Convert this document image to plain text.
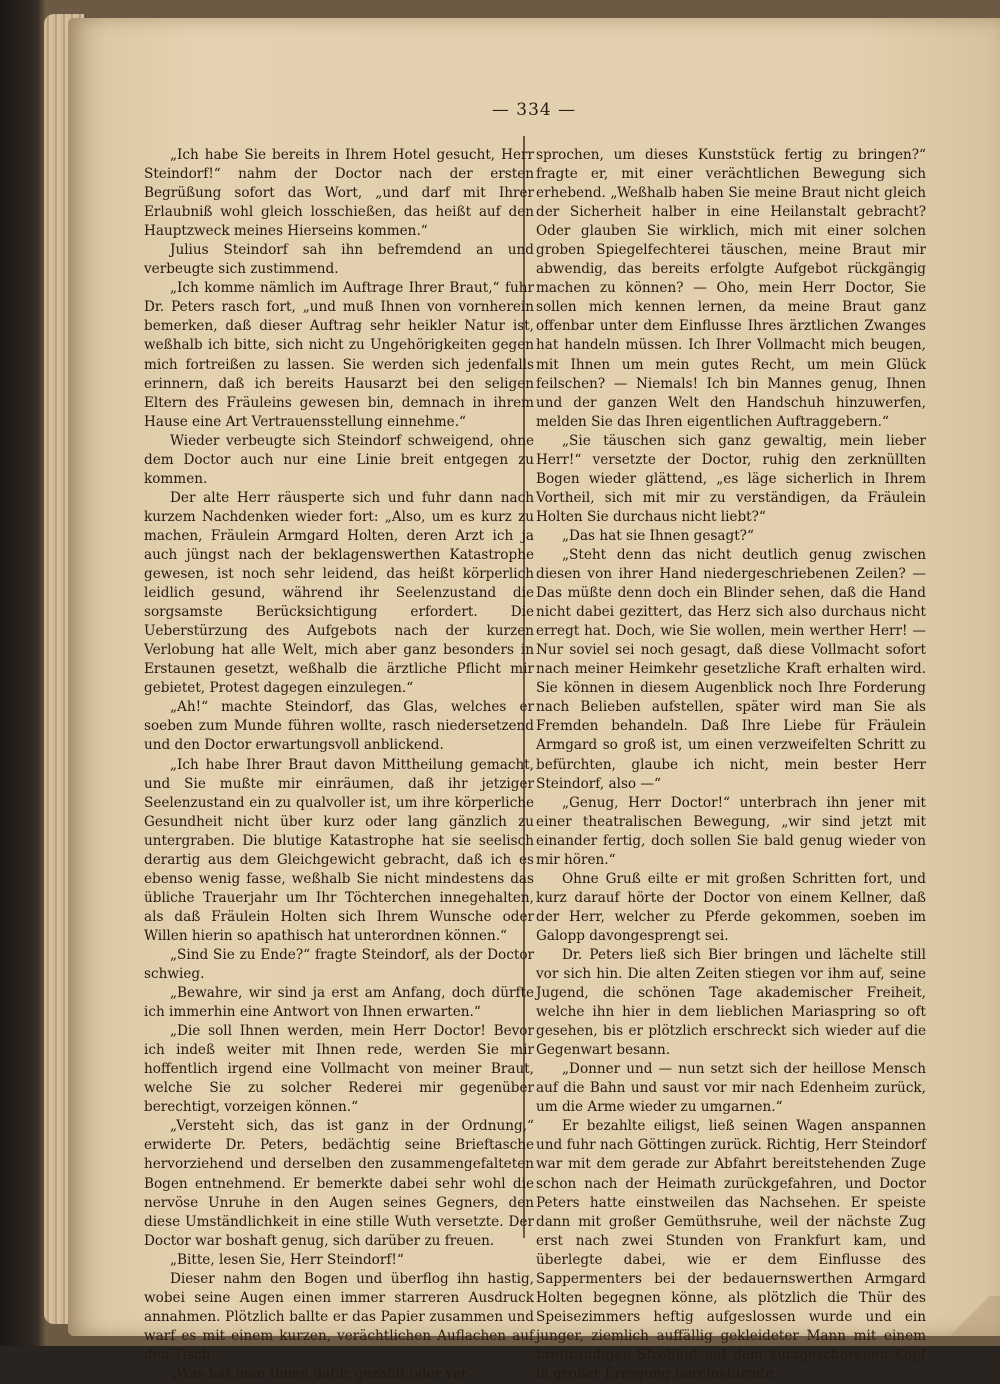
— 334 —

„Ich habe Sie bereits in Ihrem Hotel gesucht, Herr Steindorf!“ nahm der Doctor nach der ersten Begrüßung sofort das Wort, „und darf mit Ihrer Erlaubniß wohl gleich losschießen, das heißt auf den Hauptzweck meines Hierseins kommen.“

Julius Steindorf sah ihn befremdend an und verbeugte sich zustimmend.

„Ich komme nämlich im Auftrage Ihrer Braut,“ fuhr Dr. Peters rasch fort, „und muß Ihnen von vornherein bemerken, daß dieser Auftrag sehr heikler Natur ist, weßhalb ich bitte, sich nicht zu Ungehörigkeiten gegen mich fortreißen zu lassen. Sie werden sich jedenfalls erinnern, daß ich bereits Hausarzt bei den seligen Eltern des Fräuleins gewesen bin, demnach in ihrem Hause eine Art Vertrauensstellung einnehme.“

Wieder verbeugte sich Steindorf schweigend, ohne dem Doctor auch nur eine Linie breit entgegen zu kommen.

Der alte Herr räusperte sich und fuhr dann nach kurzem Nachdenken wieder fort: „Also, um es kurz zu machen, Fräulein Armgard Holten, deren Arzt ich ja auch jüngst nach der beklagenswerthen Katastrophe gewesen, ist noch sehr leidend, das heißt körperlich leidlich gesund, während ihr Seelenzustand die sorgsamste Berücksichtigung erfordert. Die Ueberstürzung des Aufgebots nach der kurzen Verlobung hat alle Welt, mich aber ganz besonders in Erstaunen gesetzt, weßhalb die ärztliche Pflicht mir gebietet, Protest dagegen einzulegen.“

„Ah!“ machte Steindorf, das Glas, welches er soeben zum Munde führen wollte, rasch niedersetzend und den Doctor erwartungsvoll anblickend.

„Ich habe Ihrer Braut davon Mittheilung gemacht, und Sie mußte mir einräumen, daß ihr jetziger Seelenzustand ein zu qualvoller ist, um ihre körperliche Gesundheit nicht über kurz oder lang gänzlich zu untergraben. Die blutige Katastrophe hat sie seelisch derartig aus dem Gleichgewicht gebracht, daß ich es ebenso wenig fasse, weßhalb Sie nicht mindestens das übliche Trauerjahr um Ihr Töchterchen innegehalten, als daß Fräulein Holten sich Ihrem Wunsche oder Willen hierin so apathisch hat unterordnen können.“

„Sind Sie zu Ende?“ fragte Steindorf, als der Doctor schwieg.

„Bewahre, wir sind ja erst am Anfang, doch dürfte ich immerhin eine Antwort von Ihnen erwarten.“

„Die soll Ihnen werden, mein Herr Doctor! Bevor ich indeß weiter mit Ihnen rede, werden Sie mir hoffentlich irgend eine Vollmacht von meiner Braut, welche Sie zu solcher Rederei mir gegenüber berechtigt, vorzeigen können.“

„Versteht sich, das ist ganz in der Ordnung,“ erwiderte Dr. Peters, bedächtig seine Brieftasche hervorziehend und derselben den zusammengefalteten Bogen entnehmend. Er bemerkte dabei sehr wohl die nervöse Unruhe in den Augen seines Gegners, den diese Umständlichkeit in eine stille Wuth versetzte. Der Doctor war boshaft genug, sich darüber zu freuen.

„Bitte, lesen Sie, Herr Steindorf!“

Dieser nahm den Bogen und überflog ihn hastig, wobei seine Augen einen immer starreren Ausdruck annahmen. Plötzlich ballte er das Papier zusammen und warf es mit einem kurzen, verächtlichen Auflachen auf den Tisch.

„Was hat man Ihnen dafür gezahlt oder ver-

sprochen, um dieses Kunststück fertig zu bringen?“ fragte er, mit einer verächtlichen Bewegung sich erhebend. „Weßhalb haben Sie meine Braut nicht gleich der Sicherheit halber in eine Heilanstalt gebracht? Oder glauben Sie wirklich, mich mit einer solchen groben Spiegelfechterei täuschen, meine Braut mir abwendig, das bereits erfolgte Aufgebot rückgängig machen zu können? — Oho, mein Herr Doctor, Sie sollen mich kennen lernen, da meine Braut ganz offenbar unter dem Einflusse Ihres ärztlichen Zwanges hat handeln müssen. Ich Ihrer Vollmacht mich beugen, mit Ihnen um mein gutes Recht, um mein Glück feilschen? — Niemals! Ich bin Mannes genug, Ihnen und der ganzen Welt den Handschuh hinzuwerfen, melden Sie das Ihren eigentlichen Auftraggebern.“

„Sie täuschen sich ganz gewaltig, mein lieber Herr!“ versetzte der Doctor, ruhig den zerknüllten Bogen wieder glättend, „es läge sicherlich in Ihrem Vortheil, sich mit mir zu verständigen, da Fräulein Holten Sie durchaus nicht liebt?“

„Das hat sie Ihnen gesagt?“

„Steht denn das nicht deutlich genug zwischen diesen von ihrer Hand niedergeschriebenen Zeilen? — Das müßte denn doch ein Blinder sehen, daß die Hand nicht dabei gezittert, das Herz sich also durchaus nicht erregt hat. Doch, wie Sie wollen, mein werther Herr! — Nur soviel sei noch gesagt, daß diese Vollmacht sofort nach meiner Heimkehr gesetzliche Kraft erhalten wird. Sie können in diesem Augenblick noch Ihre Forderung nach Belieben aufstellen, später wird man Sie als Fremden behandeln. Daß Ihre Liebe für Fräulein Armgard so groß ist, um einen verzweifelten Schritt zu befürchten, glaube ich nicht, mein bester Herr Steindorf, also —“

„Genug, Herr Doctor!“ unterbrach ihn jener mit einer theatralischen Bewegung, „wir sind jetzt mit einander fertig, doch sollen Sie bald genug wieder von mir hören.“

Ohne Gruß eilte er mit großen Schritten fort, und kurz darauf hörte der Doctor von einem Kellner, daß der Herr, welcher zu Pferde gekommen, soeben im Galopp davongesprengt sei.

Dr. Peters ließ sich Bier bringen und lächelte still vor sich hin. Die alten Zeiten stiegen vor ihm auf, seine Jugend, die schönen Tage akademischer Freiheit, welche ihn hier in dem lieblichen Mariaspring so oft gesehen, bis er plötzlich erschreckt sich wieder auf die Gegenwart besann.

„Donner und — nun setzt sich der heillose Mensch auf die Bahn und saust vor mir nach Edenheim zurück, um die Arme wieder zu umgarnen.“

Er bezahlte eiligst, ließ seinen Wagen anspannen und fuhr nach Göttingen zurück. Richtig, Herr Steindorf war mit dem gerade zur Abfahrt bereitstehenden Zuge schon nach der Heimath zurückgefahren, und Doctor Peters hatte einstweilen das Nachsehen. Er speiste dann mit großer Gemüthsruhe, weil der nächste Zug erst nach zwei Stunden von Frankfurt kam, und überlegte dabei, wie er dem Einflusse des Sappermenters bei der bedauernswerthen Armgard Holten begegnen könne, als plötzlich die Thür des Speisezimmers heftig aufgeslossen wurde und ein junger, ziemlich auffällig gekleideter Mann mit einem breitrandigen Strohhut auf dem kurzgeschorenen Kopf in großer Erregung hereinstürmte.
